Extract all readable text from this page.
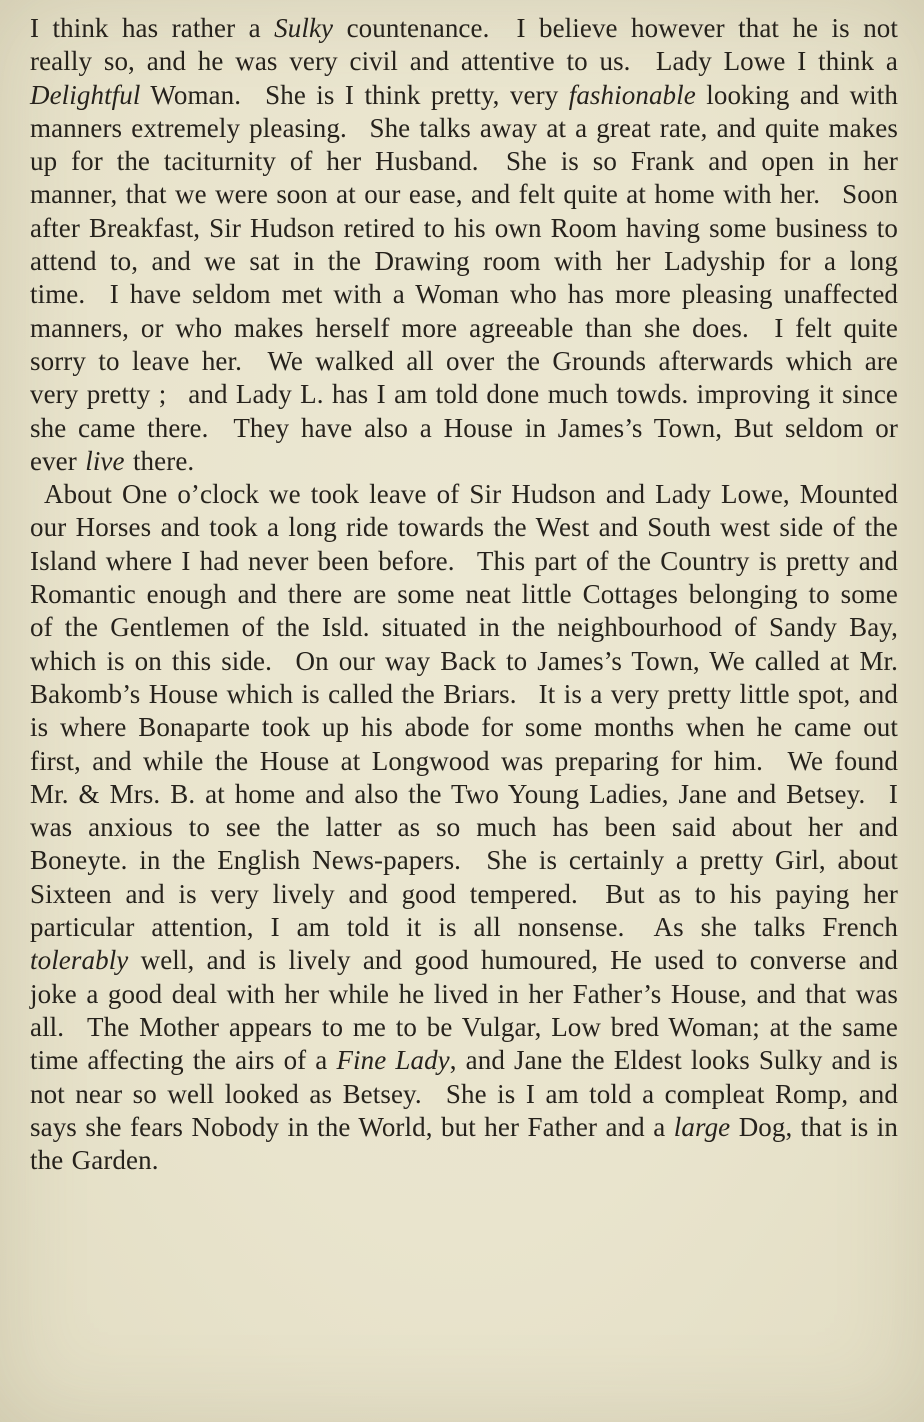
I think has rather a Sulky countenance.  I believe however that he is not really so, and he was very civil and attentive to us.  Lady Lowe I think a Delightful Woman.  She is I think pretty, very fashionable looking and with manners extremely pleasing.  She talks away at a great rate, and quite makes up for the taciturnity of her Husband.  She is so Frank and open in her manner, that we were soon at our ease, and felt quite at home with her.  Soon after Breakfast, Sir Hudson retired to his own Room having some business to attend to, and we sat in the Drawing room with her Ladyship for a long time.  I have seldom met with a Woman who has more pleasing unaffected manners, or who makes herself more agreeable than she does.  I felt quite sorry to leave her.  We walked all over the Grounds afterwards which are very pretty ;  and Lady L. has I am told done much towds. improving it since she came there.  They have also a House in James’s Town, But seldom or ever live there.

About One o’clock we took leave of Sir Hudson and Lady Lowe, Mounted our Horses and took a long ride towards the West and South west side of the Island where I had never been before.  This part of the Country is pretty and Romantic enough and there are some neat little Cottages belonging to some of the Gentlemen of the Isld. situated in the neighbourhood of Sandy Bay, which is on this side.  On our way Back to James’s Town, We called at Mr. Bakomb’s House which is called the Briars.  It is a very pretty little spot, and is where Bonaparte took up his abode for some months when he came out first, and while the House at Longwood was preparing for him.  We found Mr. & Mrs. B. at home and also the Two Young Ladies, Jane and Betsey.  I was anxious to see the latter as so much has been said about her and Boneyte. in the English News-papers.  She is certainly a pretty Girl, about Sixteen and is very lively and good tempered.  But as to his paying her particular attention, I am told it is all nonsense.  As she talks French tolerably well, and is lively and good humoured, He used to converse and joke a good deal with her while he lived in her Father’s House, and that was all.  The Mother appears to me to be Vulgar, Low bred Woman; at the same time affecting the airs of a Fine Lady, and Jane the Eldest looks Sulky and is not near so well looked as Betsey.  She is I am told a compleat Romp, and says she fears Nobody in the World, but her Father and a large Dog, that is in the Garden.
